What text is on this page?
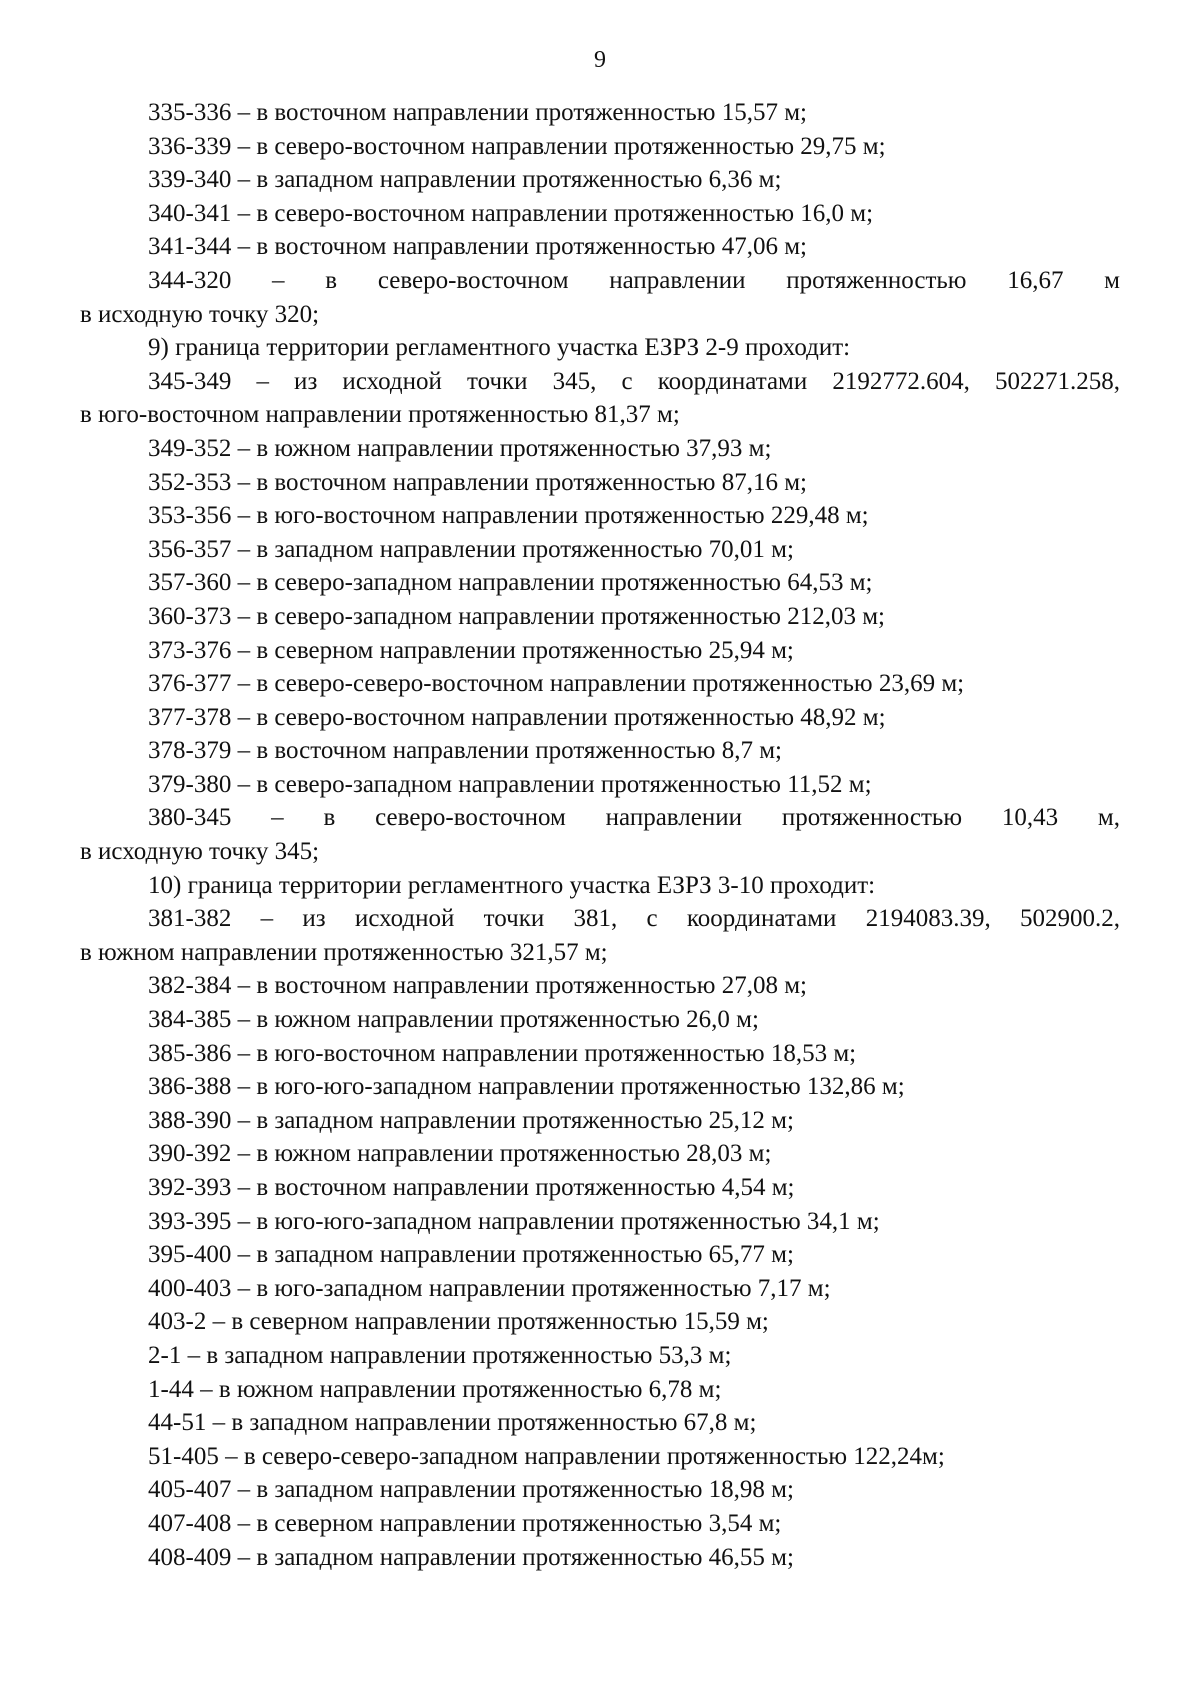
9
335-336 – в восточном направлении протяженностью 15,57 м;
336-339 – в северо-восточном направлении протяженностью 29,75 м;
339-340 – в западном направлении протяженностью 6,36 м;
340-341 – в северо-восточном направлении протяженностью 16,0 м;
341-344 – в восточном направлении протяженностью 47,06 м;
344-320 – в северо-восточном направлении протяженностью 16,67 м
в исходную точку 320;
9) граница территории регламентного участка ЕЗРЗ 2-9 проходит:
345-349 – из исходной точки 345, с координатами 2192772.604, 502271.258,
в юго-восточном направлении протяженностью 81,37 м;
349-352 – в южном направлении протяженностью 37,93 м;
352-353 – в восточном направлении протяженностью 87,16 м;
353-356 – в юго-восточном направлении протяженностью 229,48 м;
356-357 – в западном направлении протяженностью 70,01 м;
357-360 – в северо-западном направлении протяженностью 64,53 м;
360-373 – в северо-западном направлении протяженностью 212,03 м;
373-376 – в северном направлении протяженностью 25,94 м;
376-377 – в северо-северо-восточном направлении протяженностью 23,69 м;
377-378 – в северо-восточном направлении протяженностью 48,92 м;
378-379 – в восточном направлении протяженностью 8,7 м;
379-380 – в северо-западном направлении протяженностью 11,52 м;
380-345 – в северо-восточном направлении протяженностью 10,43 м,
в исходную точку 345;
10) граница территории регламентного участка ЕЗРЗ 3-10 проходит:
381-382 – из исходной точки 381, с координатами 2194083.39, 502900.2,
в южном направлении протяженностью 321,57 м;
382-384 – в восточном направлении протяженностью 27,08 м;
384-385 – в южном направлении протяженностью 26,0 м;
385-386 – в юго-восточном направлении протяженностью 18,53 м;
386-388 – в юго-юго-западном направлении протяженностью 132,86 м;
388-390 – в западном направлении протяженностью 25,12 м;
390-392 – в южном направлении протяженностью 28,03 м;
392-393 – в восточном направлении протяженностью 4,54 м;
393-395 – в юго-юго-западном направлении протяженностью 34,1 м;
395-400 – в западном направлении протяженностью 65,77 м;
400-403 – в юго-западном направлении протяженностью 7,17 м;
403-2 – в северном направлении протяженностью 15,59 м;
2-1 – в западном направлении протяженностью 53,3 м;
1-44 – в южном направлении протяженностью 6,78 м;
44-51 – в западном направлении протяженностью 67,8 м;
51-405 – в северо-северо-западном направлении протяженностью 122,24м;
405-407 – в западном направлении протяженностью 18,98 м;
407-408 – в северном направлении протяженностью 3,54 м;
408-409 – в западном направлении протяженностью 46,55 м;
